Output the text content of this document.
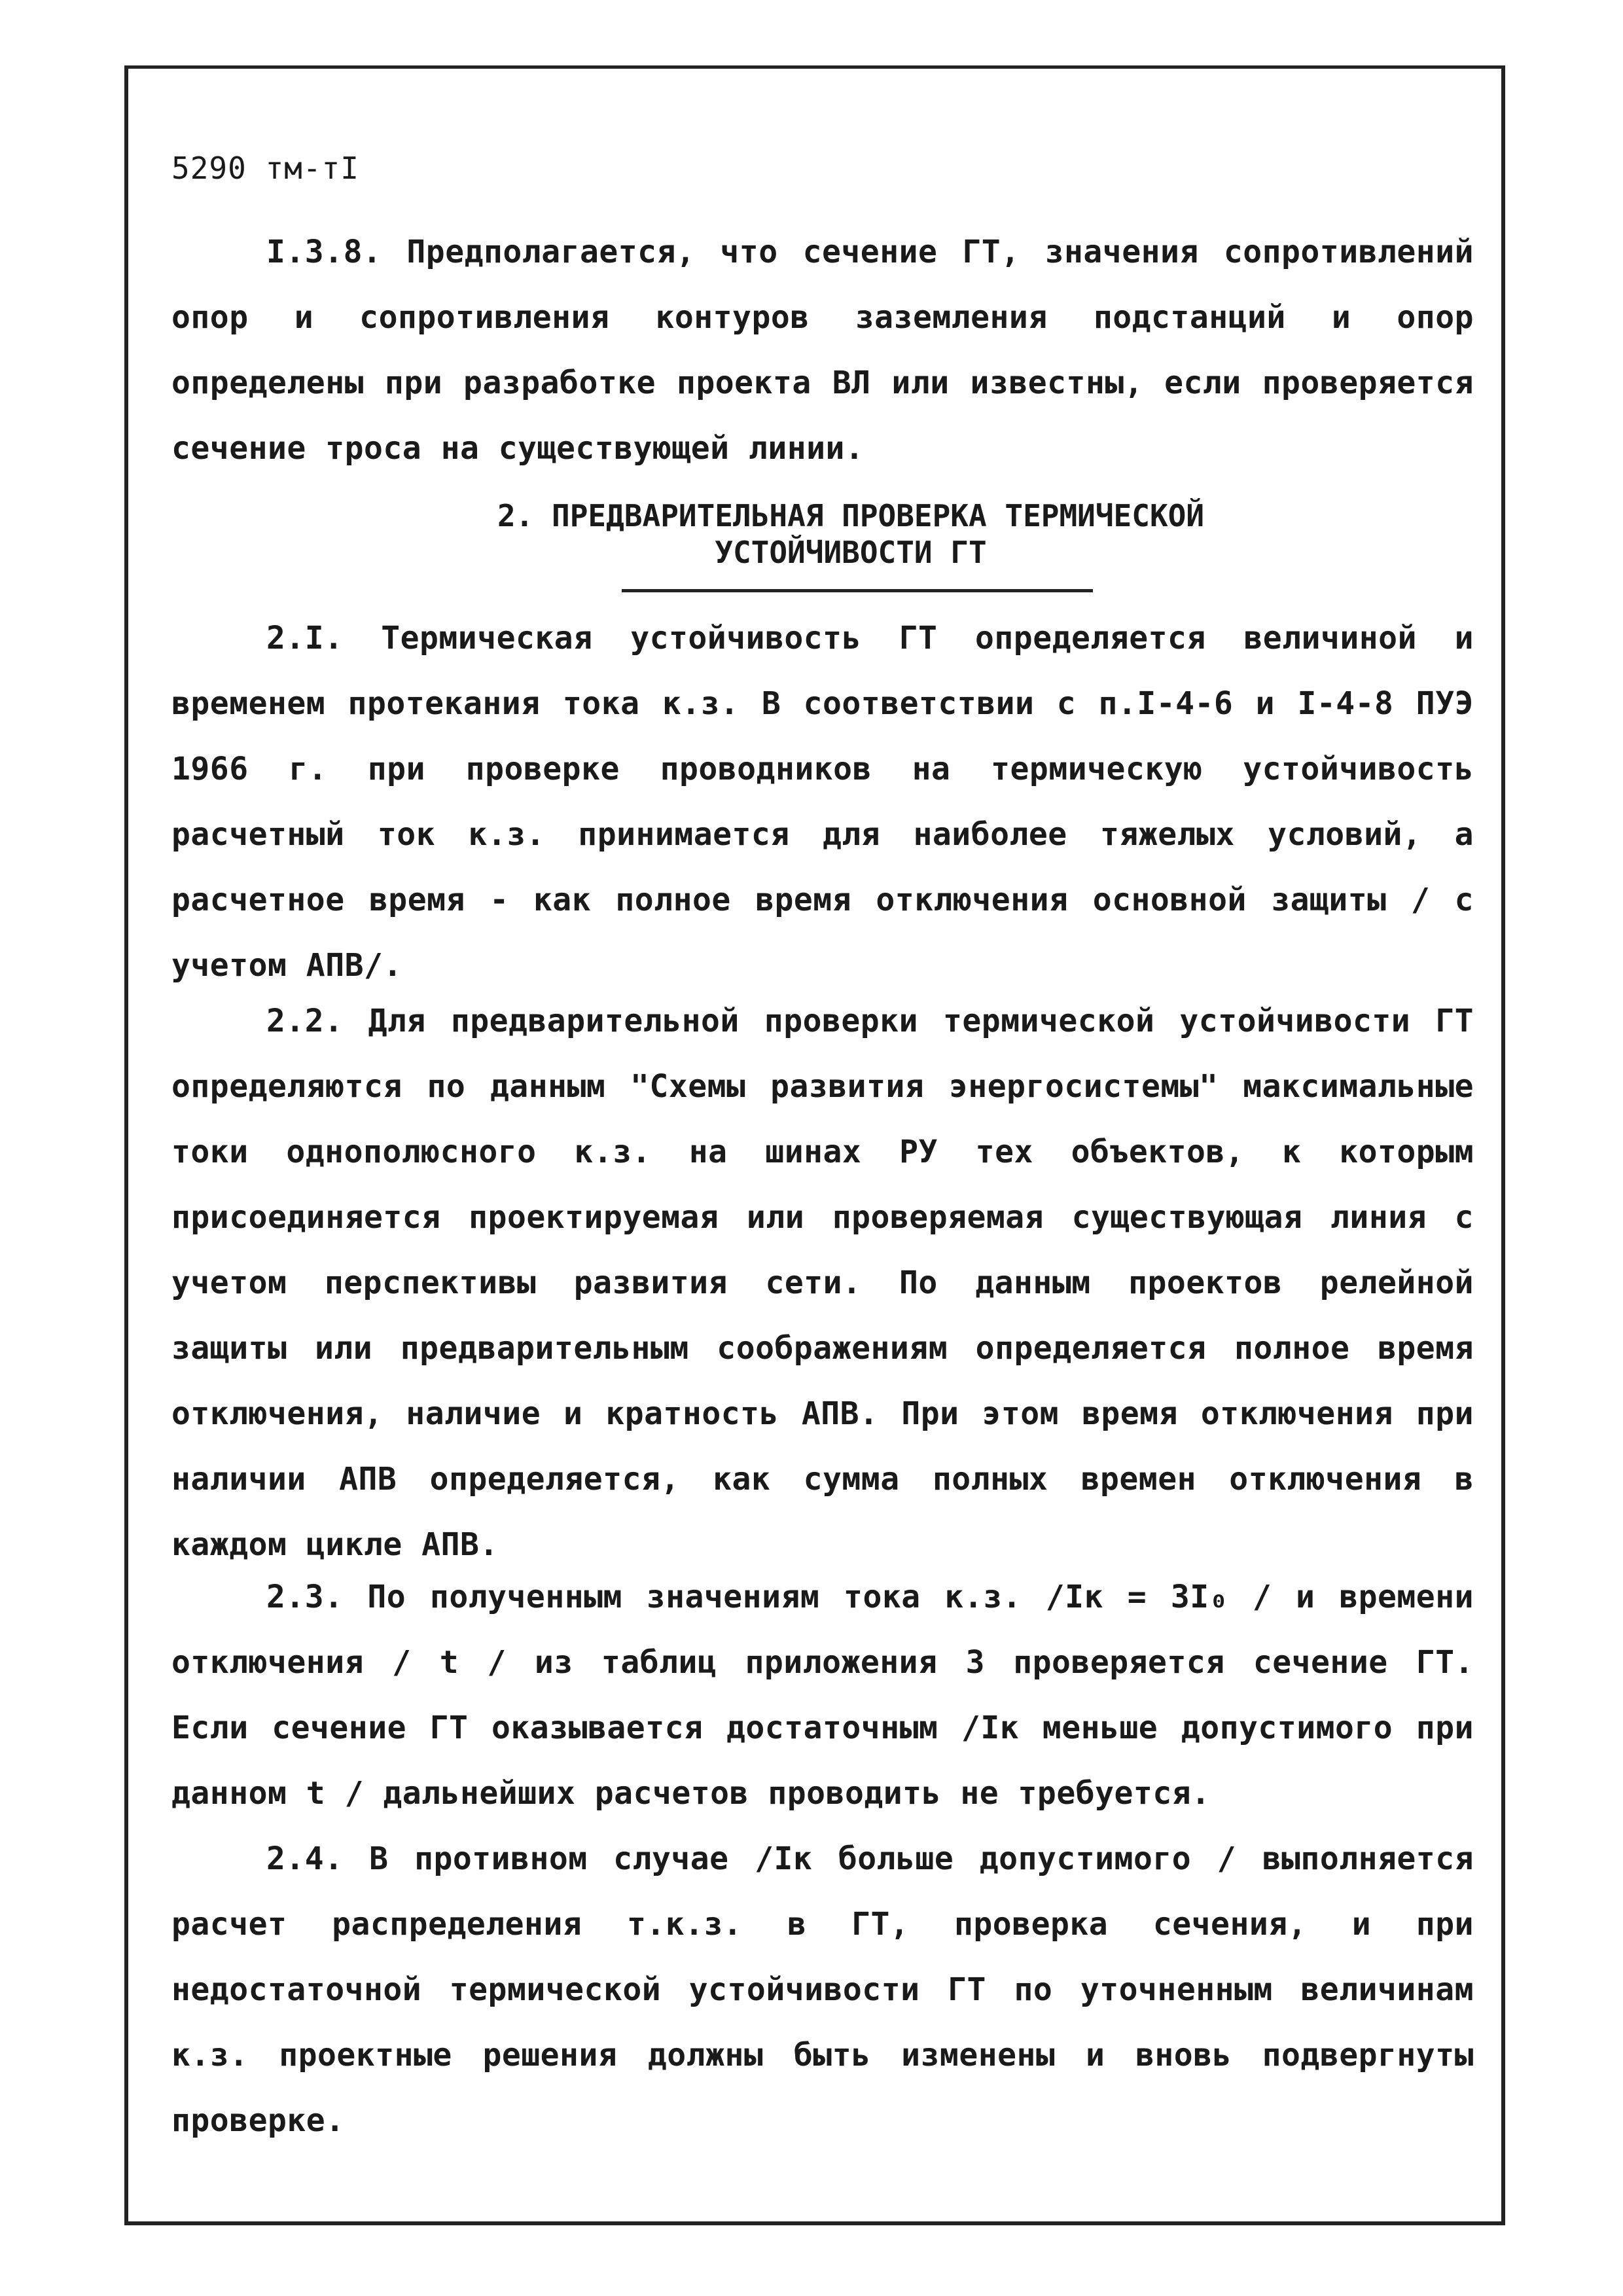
5290 тм-тI

I.3.8. Предполагается, что сечение ГТ, значения сопротивлений опор и сопротивления контуров заземления подстанций и опор определены при разработке проекта ВЛ или известны, если проверяется сечение троса на существующей линии.

2. ПРЕДВАРИТЕЛЬНАЯ ПРОВЕРКА ТЕРМИЧЕСКОЙ
УСТОЙЧИВОСТИ ГТ

2.I. Термическая устойчивость ГТ определяется величиной и временем протекания тока к.з. В соответствии с п.I-4-6 и I-4-8 ПУЭ 1966 г. при проверке проводников на термическую устойчивость расчетный ток к.з. принимается для наиболее тяжелых условий, а расчетное время - как полное время отключения основной защиты / с учетом АПВ/.

2.2. Для предварительной проверки термической устойчивости ГТ определяются по данным "Схемы развития энергосистемы" максимальные токи однополюсного к.з. на шинах РУ тех объектов, к которым присоединяется проектируемая или проверяемая существующая линия с учетом перспективы развития сети. По данным проектов релейной защиты или предварительным соображениям определяется полное время отключения, наличие и кратность АПВ. При этом время отключения при наличии АПВ определяется, как сумма полных времен отключения в каждом цикле АПВ.

2.3. По полученным значениям тока к.з. /Iк = 3I₀ / и времени отключения / t / из таблиц приложения 3 проверяется сечение ГТ. Если сечение ГТ оказывается достаточным /Iк меньше допустимого при данном t / дальнейших расчетов проводить не требуется.

2.4. В противном случае /Iк больше допустимого / выполняется расчет распределения т.к.з. в ГТ, проверка сечения, и при недостаточной термической устойчивости ГТ по уточненным величинам к.з. проектные решения должны быть изменены и вновь подвергнуты проверке.
